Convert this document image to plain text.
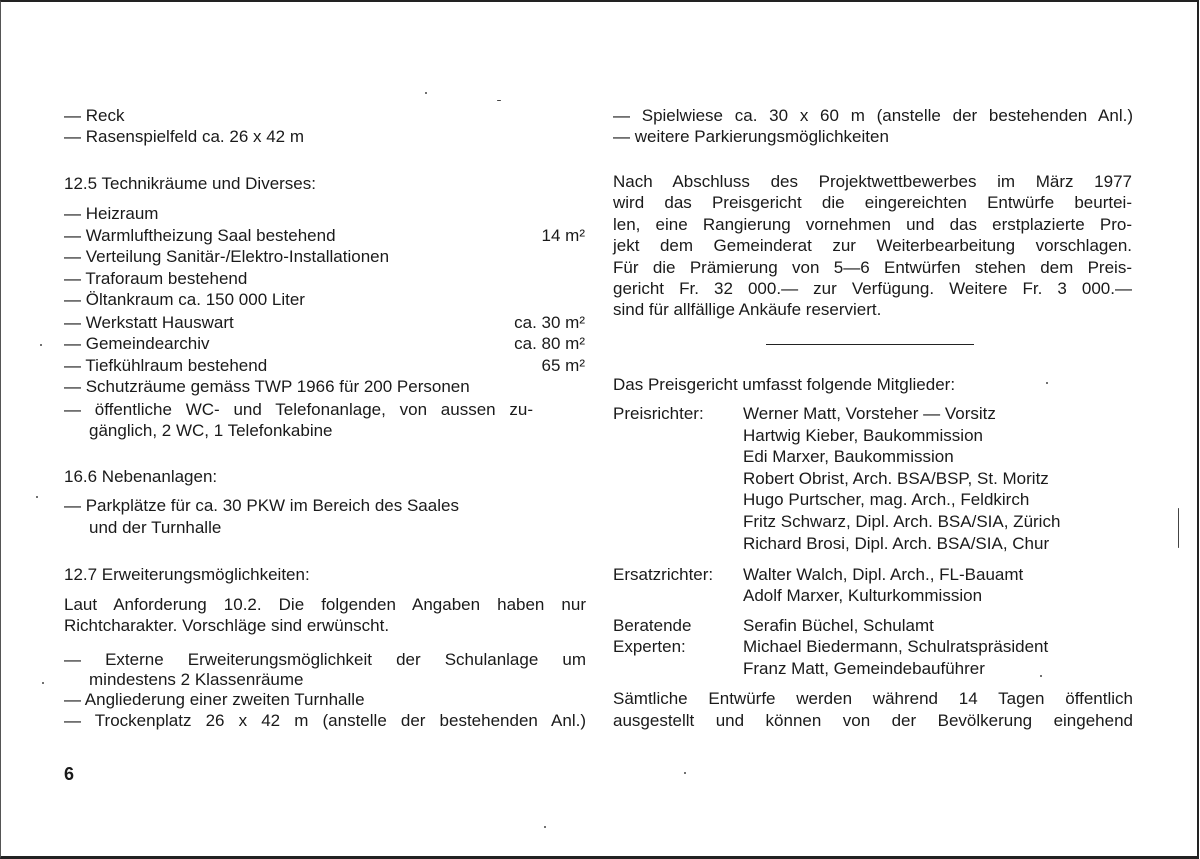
— Reck
— Rasenspielfeld ca. 26 x 42 m
12.5 Technikräume und Diverses:
— Heizraum
— Warmluftheizung Saal bestehend	14 m²
— Verteilung Sanitär-/Elektro-Installationen
— Traforaum bestehend
— Öltankraum ca. 150 000 Liter
— Werkstatt Hauswart	ca. 30 m²
— Gemeindearchiv	ca. 80 m²
— Tiefkühlraum bestehend	65 m²
— Schutzräume gemäss TWP 1966 für 200 Personen
— öffentliche WC- und Telefonanlage, von aussen zu-
gänglich, 2 WC, 1 Telefonkabine
16.6 Nebenanlagen:
— Parkplätze für ca. 30 PKW im Bereich des Saales
und der Turnhalle
12.7 Erweiterungsmöglichkeiten:
Laut Anforderung 10.2. Die folgenden Angaben haben nur
Richtcharakter. Vorschläge sind erwünscht.
— Externe Erweiterungsmöglichkeit der Schulanlage um
mindestens 2 Klassenräume
— Angliederung einer zweiten Turnhalle
— Trockenplatz 26 x 42 m (anstelle der bestehenden Anl.)
6
— Spielwiese ca. 30 x 60 m (anstelle der bestehenden Anl.)
— weitere Parkierungsmöglichkeiten
Nach Abschluss des Projektwettbewerbes im März 1977
wird das Preisgericht die eingereichten Entwürfe beurtei-
len, eine Rangierung vornehmen und das erstplazierte Pro-
jekt dem Gemeinderat zur Weiterbearbeitung vorschlagen.
Für die Prämierung von 5—6 Entwürfen stehen dem Preis-
gericht Fr. 32 000.— zur Verfügung. Weitere Fr. 3 000.—
sind für allfällige Ankäufe reserviert.
Das Preisgericht umfasst folgende Mitglieder:
Preisrichter: Werner Matt, Vorsteher — Vorsitz
Hartwig Kieber, Baukommission
Edi Marxer, Baukommission
Robert Obrist, Arch. BSA/BSP, St. Moritz
Hugo Purtscher, mag. Arch., Feldkirch
Fritz Schwarz, Dipl. Arch. BSA/SIA, Zürich
Richard Brosi, Dipl. Arch. BSA/SIA, Chur
Ersatzrichter: Walter Walch, Dipl. Arch., FL-Bauamt
Adolf Marxer, Kulturkommission
Beratende
Experten:
Serafin Büchel, Schulamt
Michael Biedermann, Schulratspräsident
Franz Matt, Gemeindebauführer
Sämtliche Entwürfe werden während 14 Tagen öffentlich
ausgestellt und können von der Bevölkerung eingehend
